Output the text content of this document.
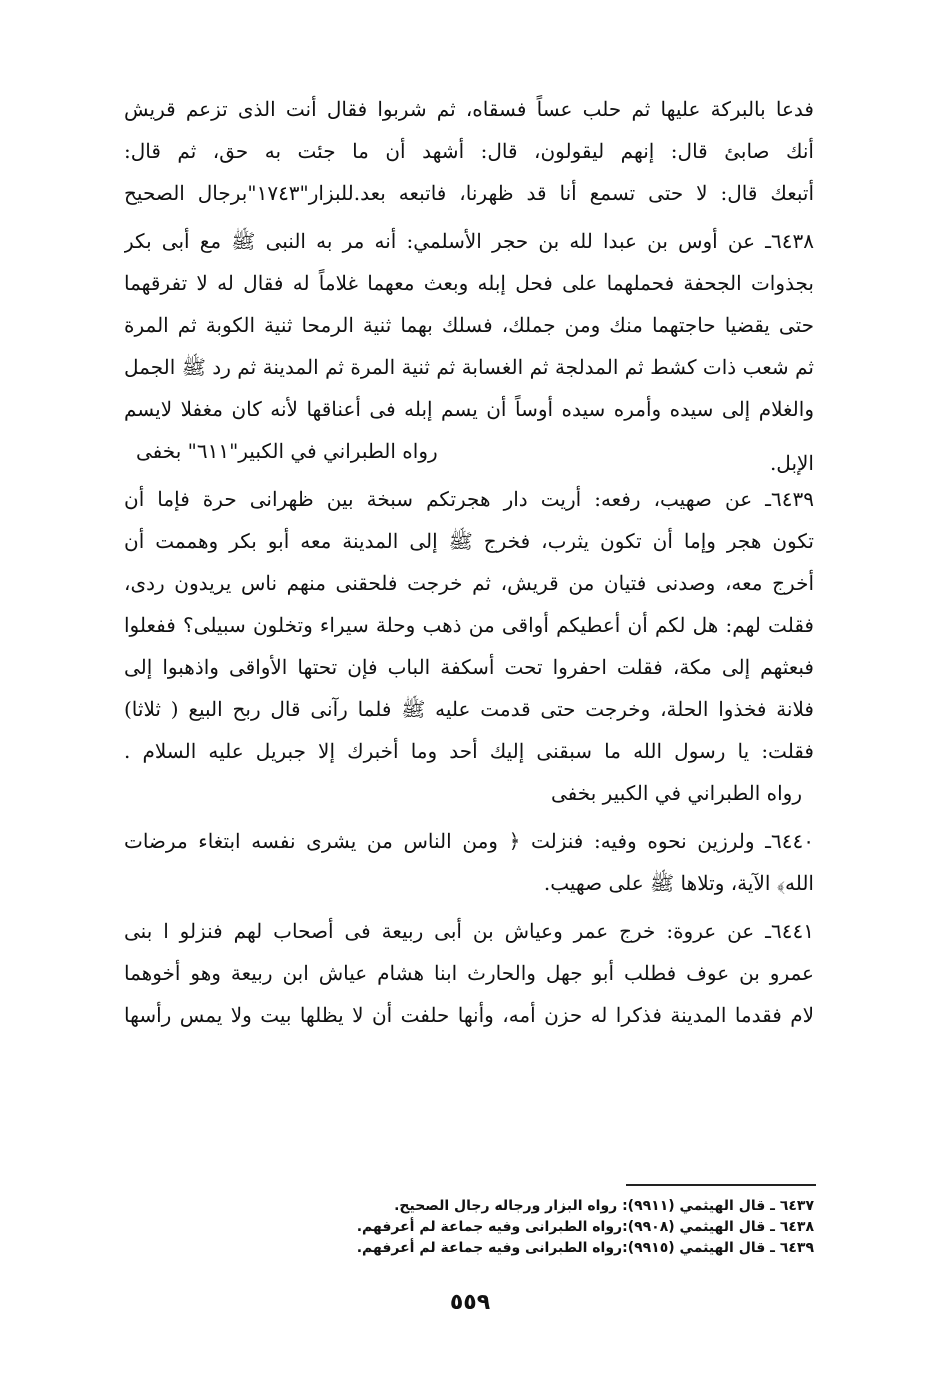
فدعا بالبركة عليها ثم حلب عساً فسقاه، ثم شربوا فقال أنت الذى تزعم قريش
أنك صابئ قال: إنهم ليقولون، قال: أشهد أن ما جئت به حق، ثم قال:
أتبعك قال: لا حتى تسمع أنا قد ظهرنا، فاتبعه بعد.للبزار"١٧٤٣"برجال الصحيح
٦٤٣٨ـ عن أوس بن عبدا لله بن حجر الأسلمي: أنه مر به النبى ﷺ مع أبى بكر
بجذوات الجحفة فحملهما على فحل إبله وبعث معهما غلاماً له فقال له لا تفرقهما
حتى يقضيا حاجتهما منك ومن جملك، فسلك بهما ثنية الرمحا ثنية الكوبة ثم المرة
ثم شعب ذات كشط ثم المدلجة ثم الغسابة ثم ثنية المرة ثم المدينة ثم رد ﷺ الجمل
والغلام إلى سيده وأمره سيده أوساً أن يسم إبله فى أعناقها لأنه كان مغفلا لايسم
رواه الطبراني في الكبير"٦١١" بخفى	الإبل.
٦٤٣٩ـ عن صهيب، رفعه: أريت دار هجرتكم سبخة بين ظهرانى حرة فإما أن
تكون هجر وإما أن تكون يثرب، فخرج ﷺ إلى المدينة معه أبو بكر وهممت أن
أخرج معه، وصدنى فتيان من قريش، ثم خرجت فلحقنى منهم ناس يريدون ردى،
فقلت لهم: هل لكم أن أعطيكم أواقى من ذهب وحلة سيراء وتخلون سبيلى؟ ففعلوا
فبعثهم إلى مكة، فقلت احفروا تحت أسكفة الباب فإن تحتها الأواقى واذهبوا إلى
فلانة فخذوا الحلة، وخرجت حتى قدمت عليه ﷺ فلما رآنى قال ربح البيع ( ثلاثا)
فقلت: يا رسول الله ما سبقنى إليك أحد وما أخبرك إلا جبريل عليه السلام .
رواه الطبراني في الكبير بخفى
٦٤٤٠ـ ولرزين نحوه وفيه: فنزلت ﴿ ومن الناس من يشرى نفسه ابتغاء مرضات
الله﴾ الآية، وتلاها ﷺ على صهيب.
٦٤٤١ـ عن عروة: خرج عمر وعياش بن أبى ربيعة فى أصحاب لهم فنزلو ا بنى
عمرو بن عوف فطلب أبو جهل والحارث ابنا هشام عياش ابن ربيعة وهو أخوهما
لام فقدما المدينة فذكرا له حزن أمه، وأنها حلفت أن لا يظلها بيت ولا يمس رأسها
٦٤٣٧ ـ قال الهيثمي (٩٩١١): رواه البزار ورجاله رجال الصحيح.
٦٤٣٨ ـ قال الهيثمي (٩٩٠٨):رواه الطبرانى وفيه جماعة لم أعرفهم.
٦٤٣٩ ـ قال الهيثمي (٩٩١٥):رواه الطبرانى وفيه جماعة لم أعرفهم.
٥٥٩
